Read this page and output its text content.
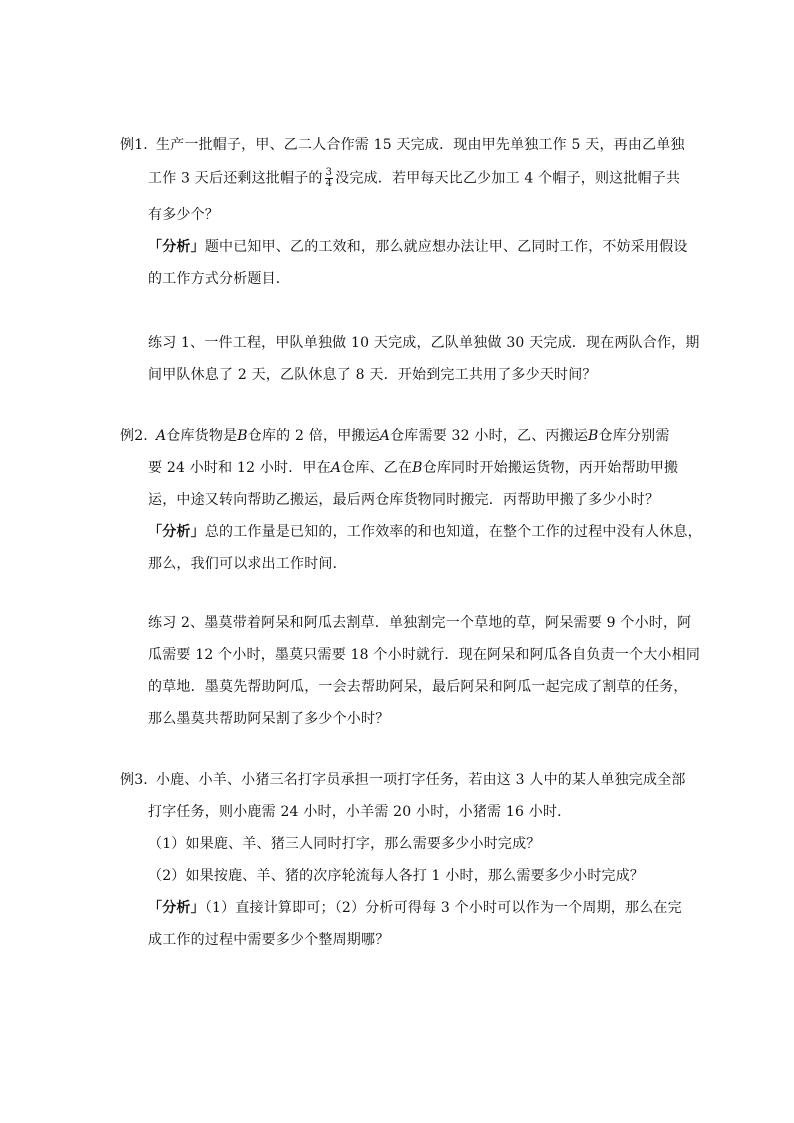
例1. 生产一批帽子，甲、乙二人合作需 15 天完成．现由甲先单独工作 5 天，再由乙单独
工作 3 天后还剩这批帽子的 $\frac{3}{4}$ 没完成．若甲每天比乙少加工 4 个帽子，则这批帽子共
有多少个？
「分析」题中已知甲、乙的工效和，那么就应想办法让甲、乙同时工作，不妨采用假设
的工作方式分析题目．
练习 1、一件工程，甲队单独做 10 天完成，乙队单独做 30 天完成．现在两队合作，期
间甲队休息了 2 天，乙队休息了 8 天．开始到完工共用了多少天时间？
例2. A仓库货物是B仓库的 2 倍，甲搬运A仓库需要 32 小时，乙、丙搬运B仓库分别需
要 24 小时和 12 小时．甲在A仓库、乙在B仓库同时开始搬运货物，丙开始帮助甲搬
运，中途又转向帮助乙搬运，最后两仓库货物同时搬完．丙帮助甲搬了多少小时？
「分析」总的工作量是已知的，工作效率的和也知道，在整个工作的过程中没有人休息，
那么，我们可以求出工作时间．
练习 2、墨莫带着阿呆和阿瓜去割草．单独割完一个草地的草，阿呆需要 9 个小时，阿
瓜需要 12 个小时，墨莫只需要 18 个小时就行．现在阿呆和阿瓜各自负责一个大小相同
的草地．墨莫先帮助阿瓜，一会去帮助阿呆，最后阿呆和阿瓜一起完成了割草的任务，
那么墨莫共帮助阿呆割了多少个小时？
例3. 小鹿、小羊、小猪三名打字员承担一项打字任务，若由这 3 人中的某人单独完成全部
打字任务，则小鹿需 24 小时，小羊需 20 小时，小猪需 16 小时．
（1）如果鹿、羊、猪三人同时打字，那么需要多少小时完成？
（2）如果按鹿、羊、猪的次序轮流每人各打 1 小时，那么需要多少小时完成？
「分析」（1）直接计算即可；（2）分析可得每 3 个小时可以作为一个周期，那么在完
成工作的过程中需要多少个整周期哪？
